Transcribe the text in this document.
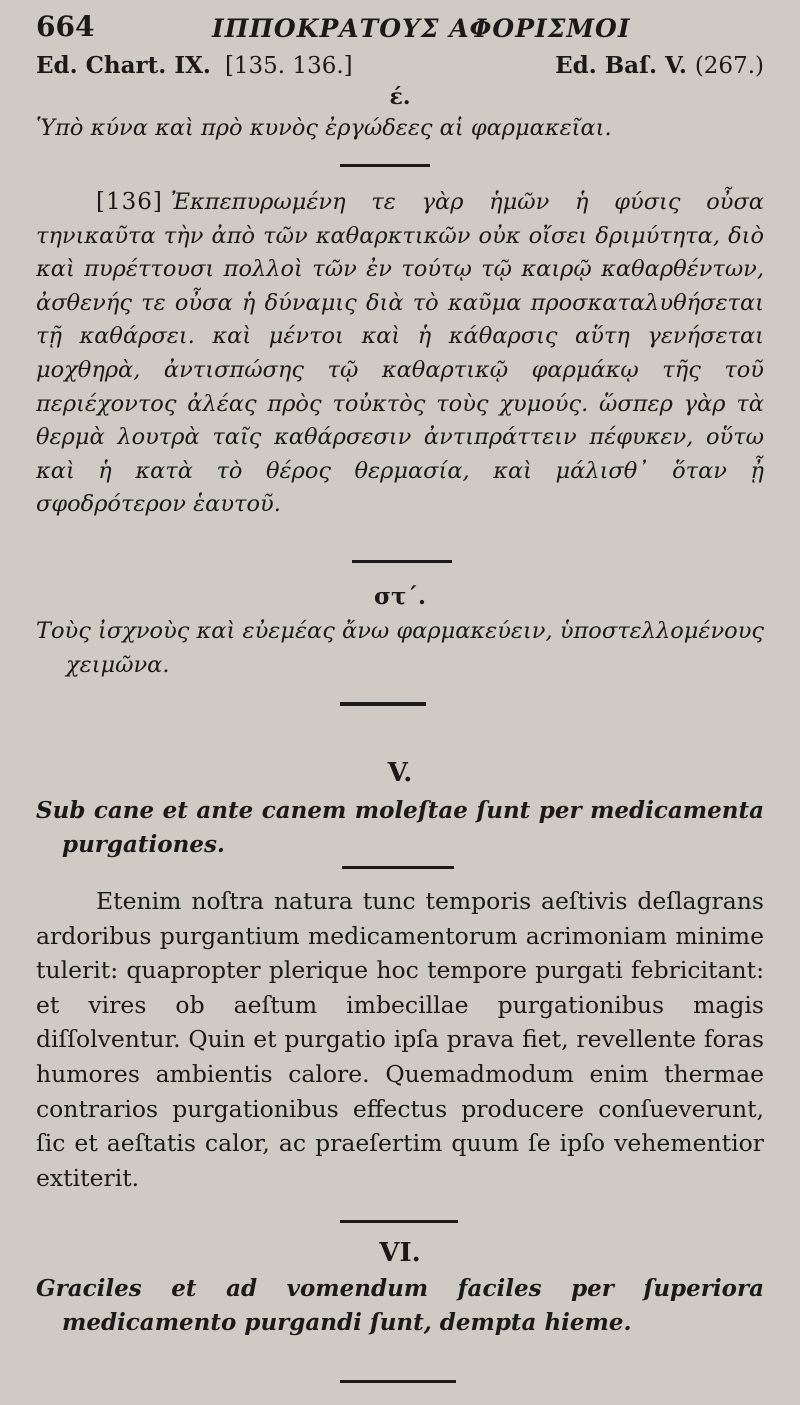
664	ΙΠΠΟΚΡΑΤΟΥΣ ΑΦΟΡΙΣΜΟΙ
Ed. Chart. IX. [135. 136.]	Ed. Baſ. V. (267.)
έ.
Ὑπὸ κύνα καὶ πρὸ κυνὸς ἐργώδεες αἱ φαρμακεῖαι.
[136] Ἐκπεπυρωμένη τε γὰρ ἡμῶν ἡ φύσις οὖσα τηνικαῦτα τὴν ἀπὸ τῶν καθαρκτικῶν οὐκ οἴσει δριμύτητα, διὸ καὶ πυρέττουσι πολλοὶ τῶν ἐν τούτῳ τῷ καιρῷ καθαρθέντων, ἀσθενής τε οὖσα ἡ δύναμις διὰ τὸ καῦμα προσκαταλυθήσεται τῇ καθάρσει. καὶ μέντοι καὶ ἡ κάθαρσις αὕτη γενήσεται μοχθηρὰ, ἀντισπώσης τῷ καθαρτικῷ φαρμάκῳ τῆς τοῦ περιέχοντος ἀλέας πρὸς τοὐκτὸς τοὺς χυμούς. ὥσπερ γὰρ τὰ θερμὰ λουτρὰ ταῖς καθάρσεσιν ἀντιπράττειν πέφυκεν, οὕτω καὶ ἡ κατὰ τὸ θέρος θερμασία, καὶ μάλισθ᾽ ὅταν ᾖ σφοδρότερον ἑαυτοῦ.
στ΄.
Τοὺς ἰσχνοὺς καὶ εὐεμέας ἄνω φαρμακεύειν, ὑποστελλομένους χειμῶνα.
V.
Sub cane et ante canem moleſtae ſunt per medicamenta purgationes.
Etenim noſtra natura tunc temporis aeſtivis deſlagrans ardoribus purgantium medicamentorum acrimoniam minime tulerit: quapropter plerique hoc tempore purgati febricitant: et vires ob aeſtum imbecillae purgationibus magis diſſolventur. Quin et purgatio ipſa prava fiet, revellente foras humores ambientis calore. Quemadmodum enim thermae contrarios purgationibus effectus producere conſueverunt, ſic et aeſtatis calor, ac praeſertim quum ſe ipſo vehementior extiterit.
VI.
Graciles et ad vomendum faciles per ſuperiora medicamento purgandi ſunt, dempta hieme.
